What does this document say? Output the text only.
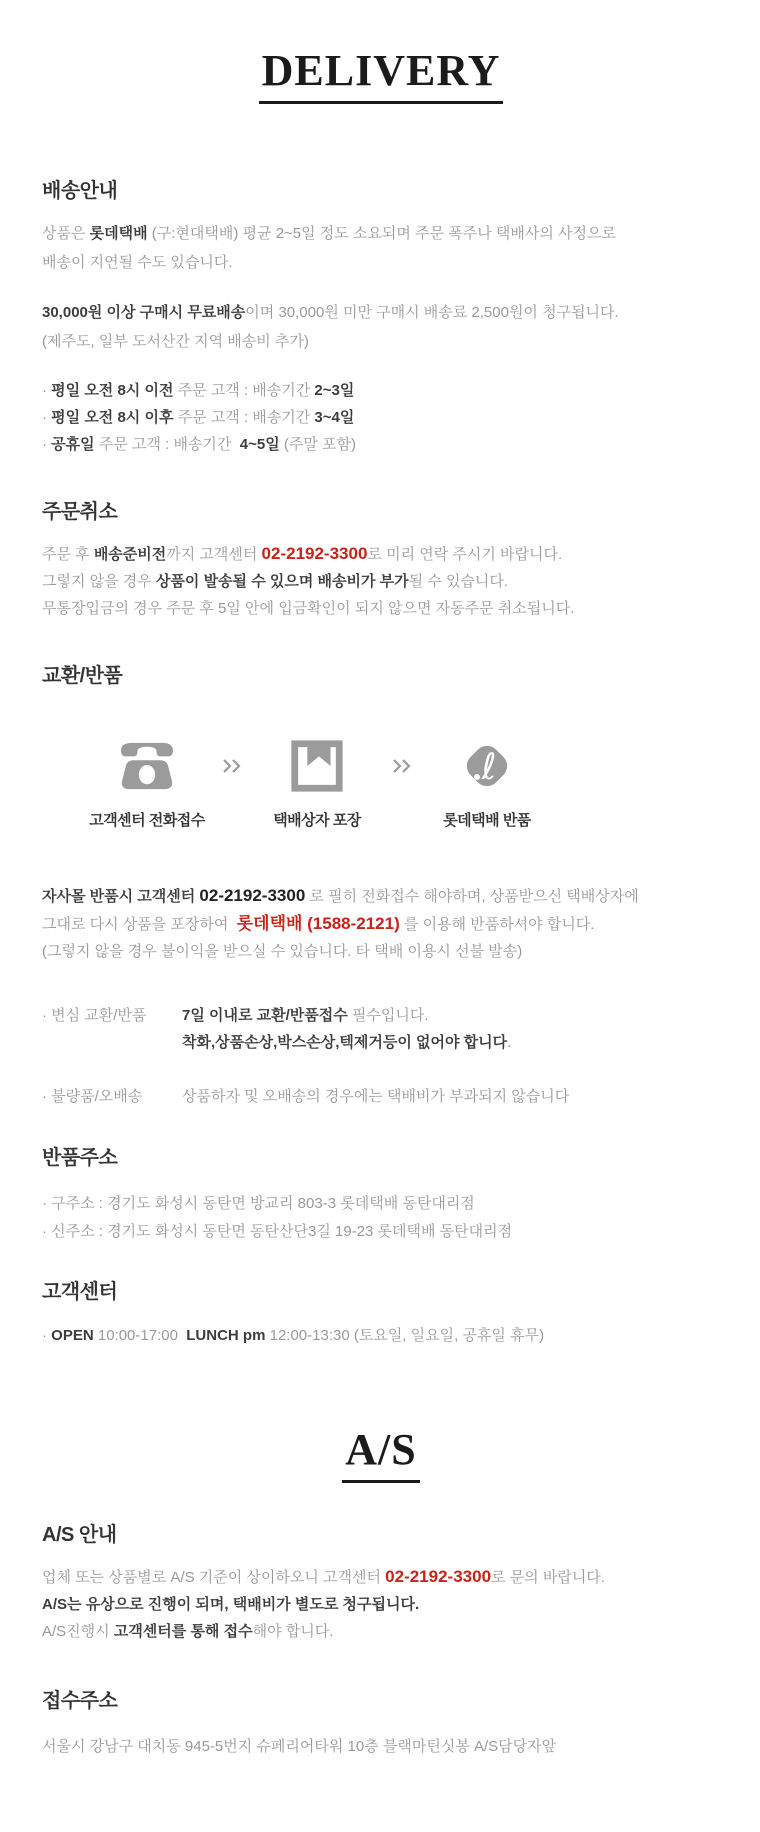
DELIVERY
배송안내
상품은 롯데택배 (구:현대택배) 평균 2~5일 정도 소요되며 주문 폭주나 택배사의 사정으로
배송이 지연될 수도 있습니다.
30,000원 이상 구매시 무료배송이며 30,000원 미만 구매시 배송료 2,500원이 청구됩니다.
(제주도, 일부 도서산간 지역 배송비 추가)
· 평일 오전 8시 이전 주문 고객 : 배송기간 2~3일
· 평일 오전 8시 이후 주문 고객 : 배송기간 3~4일
· 공휴일 주문 고객 : 배송기간  4~5일 (주말 포함)
주문취소
주문 후 배송준비전까지 고객센터 02-2192-3300로 미리 연락 주시기 바랍니다.
그렇지 않을 경우 상품이 발송될 수 있으며 배송비가 부가될 수 있습니다.
무통장입금의 경우 주문 후 5일 안에 입금확인이 되지 않으면 자동주문 취소됩니다.
교환/반품
고객센터 전화접수	택배상자 포장
ℓ
롯데택배 반품
자사몰 반품시 고객센터 02-2192-3300 로 필히 전화접수 해야하며, 상품받으신 택배상자에
그대로 다시 상품을 포장하여  롯데택배 (1588-2121) 를 이용해 반품하셔야 합니다.
(그렇지 않을 경우 불이익을 받으실 수 있습니다. 타 택배 이용시 선불 발송)
· 변심 교환/반품	7일 이내로 교환/반품접수 필수입니다.
착화,상품손상,박스손상,텍제거등이 없어야 합니다.
· 불량품/오배송	상품하자 및 오배송의 경우에는 택배비가 부과되지 않습니다
반품주소
· 구주소 : 경기도 화성시 동탄면 방교리 803-3 롯데택배 동탄대리점
· 신주소 : 경기도 화성시 동탄면 동탄산단3길 19-23 롯데택배 동탄대리점
고객센터
· OPEN 10:00-17:00  LUNCH pm 12:00-13:30 (토요일, 일요일, 공휴일 휴무)
A/S
A/S 안내
업체 또는 상품별로 A/S 기준이 상이하오니 고객센터 02-2192-3300로 문의 바랍니다.
A/S는 유상으로 진행이 되며, 택배비가 별도로 청구됩니다.
A/S진행시 고객센터를 통해 접수해야 합니다.
접수주소
서울시 강남구 대치동 945-5번지 슈페리어타워 10층 블랙마틴싯봉 A/S담당자앞
